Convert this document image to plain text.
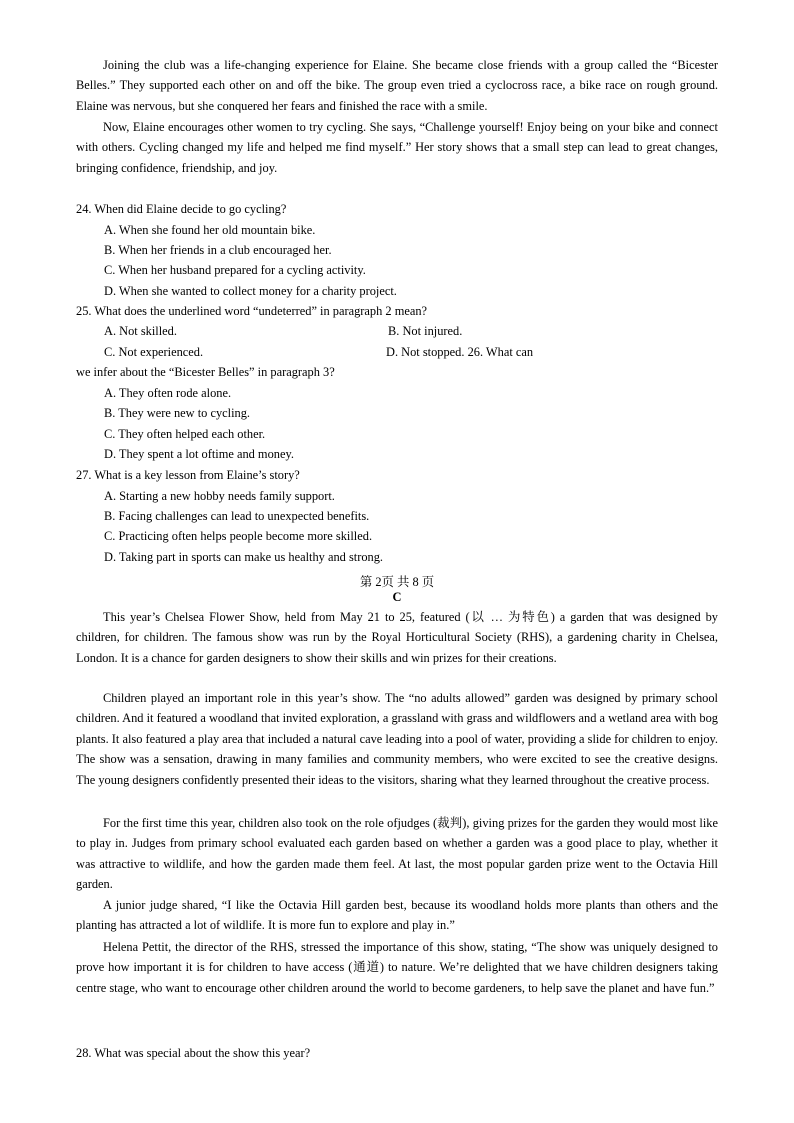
Joining the club was a life-changing experience for Elaine. She became close friends with a group called the “Bicester Belles.” They supported each other on and off the bike. The group even tried a cyclocross race, a bike race on rough ground. Elaine was nervous, but she conquered her fears and finished the race with a smile.
Now, Elaine encourages other women to try cycling. She says, “Challenge yourself! Enjoy being on your bike and connect with others. Cycling changed my life and helped me find myself.” Her story shows that a small step can lead to great changes, bringing confidence, friendship, and joy.
24. When did Elaine decide to go cycling?
A. When she found her old mountain bike.
B. When her friends in a club encouraged her.
C. When her husband prepared for a cycling activity.
D. When she wanted to collect money for a charity project.
25. What does the underlined word “undeterred” in paragraph 2 mean?
A. Not skilled.	B. Not injured.
C. Not experienced.	D. Not stopped. 26. What can
we infer about the “Bicester Belles” in paragraph 3?
A. They often rode alone.
B. They were new to cycling.
C. They often helped each other.
D. They spent a lot oftime and money.
27. What is a key lesson from Elaine’s story?
A. Starting a new hobby needs family support.
B. Facing challenges can lead to unexpected benefits.
C. Practicing often helps people become more skilled.
D. Taking part in sports can make us healthy and strong.
第 2页 共 8 页
C
This year’s Chelsea Flower Show, held from May 21 to 25, featured (以 … 为特色) a garden that was designed by children, for children. The famous show was run by the Royal Horticultural Society (RHS), a gardening charity in Chelsea, London. It is a chance for garden designers to show their skills and win prizes for their creations.
Children played an important role in this year’s show. The “no adults allowed” garden was designed by primary school children. And it featured a woodland that invited exploration, a grassland with grass and wildflowers and a wetland area with bog plants. It also featured a play area that included a natural cave leading into a pool of water, providing a slide for children to enjoy. The show was a sensation, drawing in many families and community members, who were excited to see the creative designs. The young designers confidently presented their ideas to the visitors, sharing what they learned throughout the creative process.
For the first time this year, children also took on the role ofjudges (裁判), giving prizes for the garden they would most like to play in. Judges from primary school evaluated each garden based on whether a garden was a good place to play, whether it was attractive to wildlife, and how the garden made them feel. At last, the most popular garden prize went to the Octavia Hill garden.
A junior judge shared, “I like the Octavia Hill garden best, because its woodland holds more plants than others and the planting has attracted a lot of wildlife. It is more fun to explore and play in.”
Helena Pettit, the director of the RHS, stressed the importance of this show, stating, “The show was uniquely designed to prove how important it is for children to have access (通道) to nature. We’re delighted that we have children designers taking centre stage, who want to encourage other children around the world to become gardeners, to help save the planet and have fun.”
28. What was special about the show this year?
